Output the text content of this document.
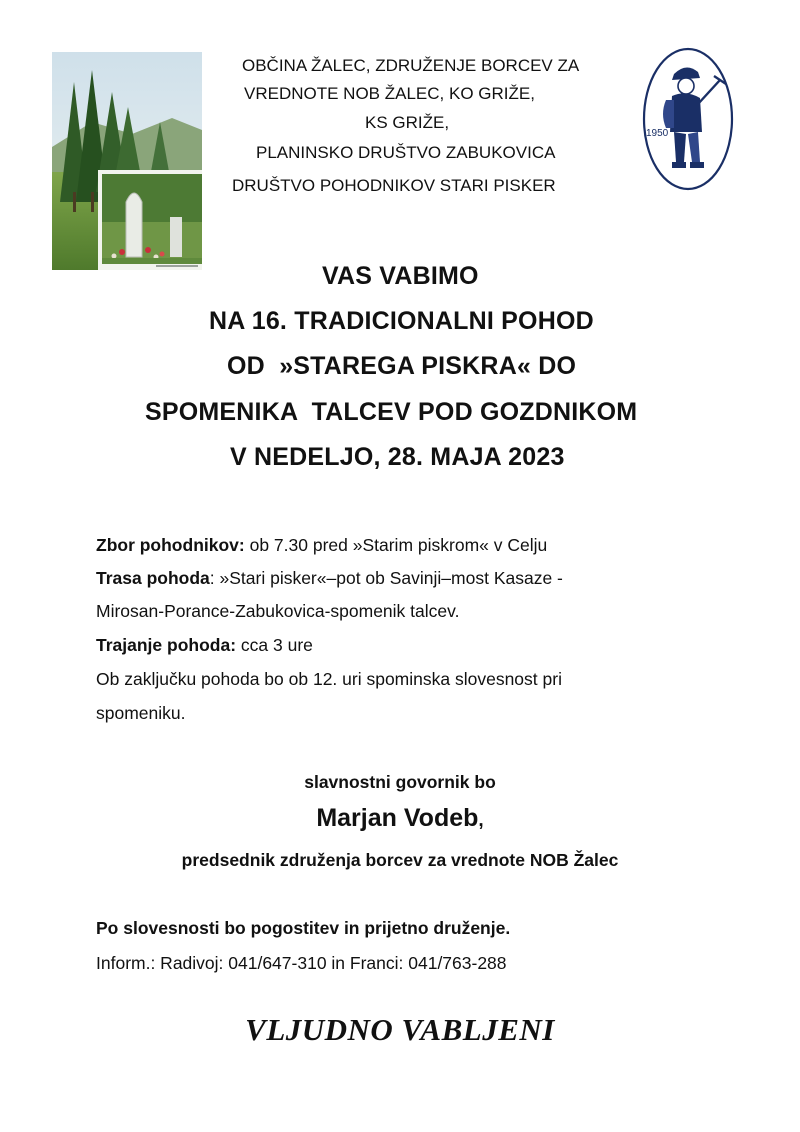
OBČINA ŽALEC, ZDRUŽENJE BORCEV ZA
VREDNOTE NOB ŽALEC, KO GRIŽE,
KS GRIŽE,
PLANINSKO DRUŠTVO ZABUKOVICA
DRUŠTVO POHODNIKOV STARI PISKER
1950
VAS VABIMO
NA 16. TRADICIONALNI POHOD
OD  »STAREGA PISKRA« DO
SPOMENIKA  TALCEV POD GOZDNIKOM
V NEDELJO, 28. MAJA 2023
Zbor pohodnikov: ob 7.30 pred »Starim piskrom« v Celju
Trasa pohoda: »Stari pisker«–pot ob Savinji–most Kasaze -
Mirosan-Porance-Zabukovica-spomenik talcev.
Trajanje pohoda: cca 3 ure
Ob zaključku pohoda bo ob 12. uri spominska slovesnost pri
spomeniku.
slavnostni govornik bo
Marjan Vodeb,
predsednik združenja borcev za vrednote NOB Žalec
Po slovesnosti bo pogostitev in prijetno druženje.
Inform.: Radivoj: 041/647-310 in Franci: 041/763-288
VLJUDNO VABLJENI
